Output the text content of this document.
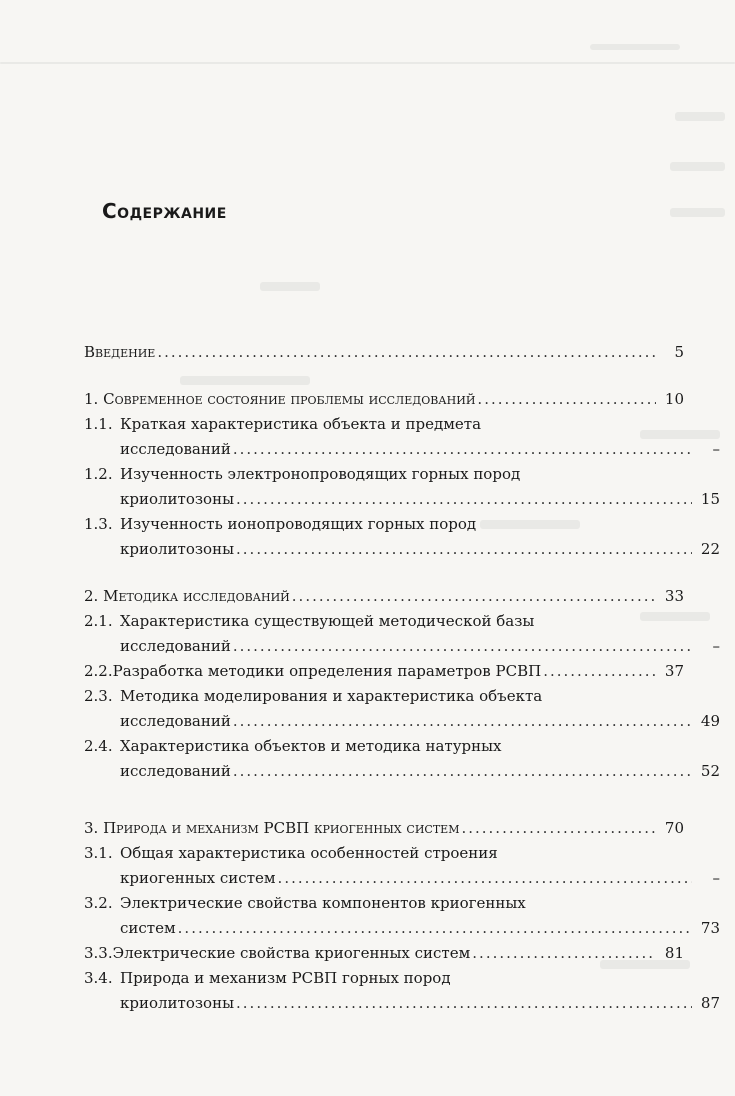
Содержание
Введение .....	5
1.
Современное состояние проблемы исследований .....	10
1.1. Краткая характеристика объекта и предмета
исследований .....	–
1.2. Изученность электронопроводящих горных пород
криолитозоны .....	15
1.3. Изученность ионопроводящих горных пород
криолитозоны .....	22
2.
Методика исследований .....	33
2.1. Характеристика существующей методической базы
исследований .....	–
2.2. Разработка методики определения параметров РСВП .....	37
2.3. Методика моделирования и характеристика объекта
исследований .....	49
2.4. Характеристика объектов и методика натурных
исследований .....	52
3.
Природа и механизм РСВП криогенных систем .....	70
3.1. Общая характеристика особенностей строения
криогенных систем .....	–
3.2. Электрические свойства компонентов криогенных
систем .....	73
3.3. Электрические свойства криогенных систем .....	81
3.4. Природа и механизм РСВП горных пород
криолитозоны .....	87
